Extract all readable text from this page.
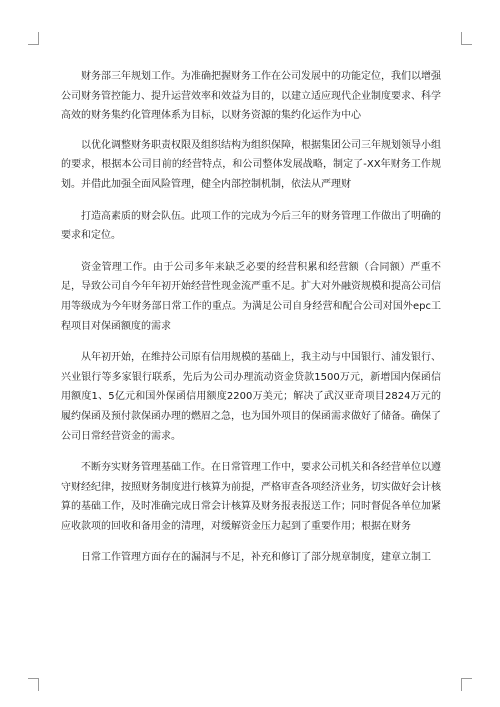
财务部三年规划工作。为准确把握财务工作在公司发展中的功能定位，我们以增强公司财务管控能力、提升运营效率和效益为目的，以建立适应现代企业制度要求、科学高效的财务集约化管理体系为目标，以财务资源的集约化运作为中心

以优化调整财务职责权限及组织结构为组织保障，根据集团公司三年规划领导小组的要求，根据本公司目前的经营特点，和公司整体发展战略，制定了-XX年财务工作规划。并借此加强全面风险管理，健全内部控制机制，依法从严理财

打造高素质的财会队伍。此项工作的完成为今后三年的财务管理工作做出了明确的要求和定位。

资金管理工作。由于公司多年来缺乏必要的经营积累和经营额（合同额）严重不足，导致公司自今年年初开始经营性现金流严重不足。扩大对外融资规模和提高公司信用等级成为今年财务部日常工作的重点。为满足公司自身经营和配合公司对国外epc工程项目对保函额度的需求

从年初开始，在维持公司原有信用规模的基础上，我主动与中国银行、浦发银行、兴业银行等多家银行联系，先后为公司办理流动资金贷款1500万元，新增国内保函信用额度1、5亿元和国外保函信用额度2200万美元；解决了武汉亚奇项目2824万元的履约保函及预付款保函办理的燃眉之急，也为国外项目的保函需求做好了储备。确保了公司日常经营资金的需求。

不断夯实财务管理基础工作。在日常管理工作中，要求公司机关和各经营单位以遵守财经纪律，按照财务制度进行核算为前提，严格审查各项经济业务，切实做好会计核算的基础工作，及时准确完成日常会计核算及财务报表报送工作；同时督促各单位加紧应收款项的回收和备用金的清理，对缓解资金压力起到了重要作用；根据在财务

日常工作管理方面存在的漏洞与不足，补充和修订了部分规章制度，建章立制工
